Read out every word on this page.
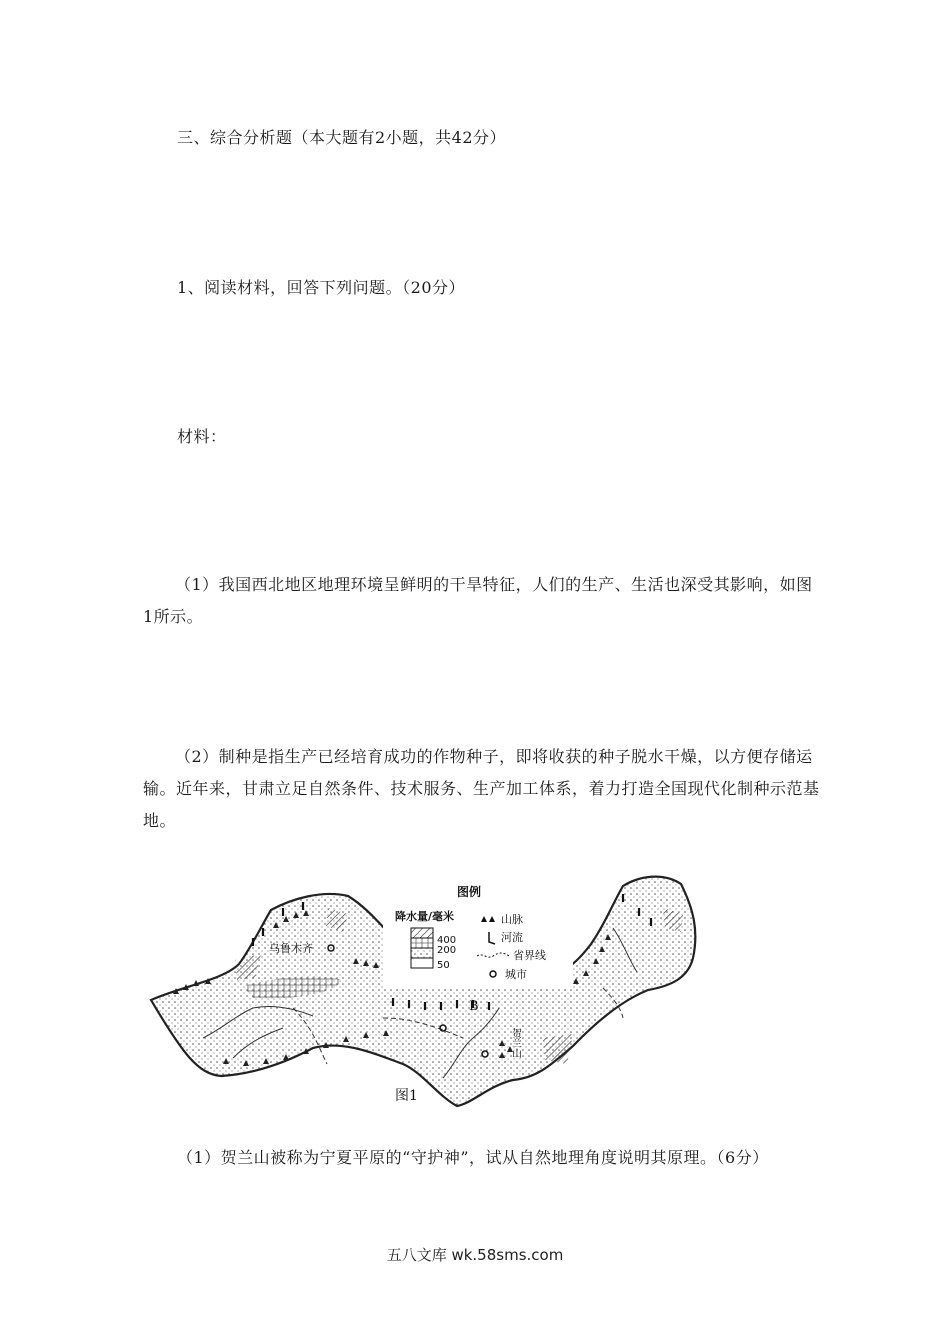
三、综合分析题（本大题有2小题，共42分）
1、阅读材料，回答下列问题。（20分）
材料：
（1）我国西北地区地理环境呈鲜明的干旱特征，人们的生产、生活也深受其影响，如图1所示。
（2）制种是指生产已经培育成功的作物种子，即将收获的种子脱水干燥，以方便存储运输。近年来，甘肃立足自然条件、技术服务、生产加工体系，着力打造全国现代化制种示范基地。
乌鲁木齐
B
贺兰山
图1
图例
降水量/毫米
400
200
50
山脉
河流
省界线
城市
（1）贺兰山被称为宁夏平原的“守护神”，试从自然地理角度说明其原理。（6分）
五八文库 wk.58sms.com
